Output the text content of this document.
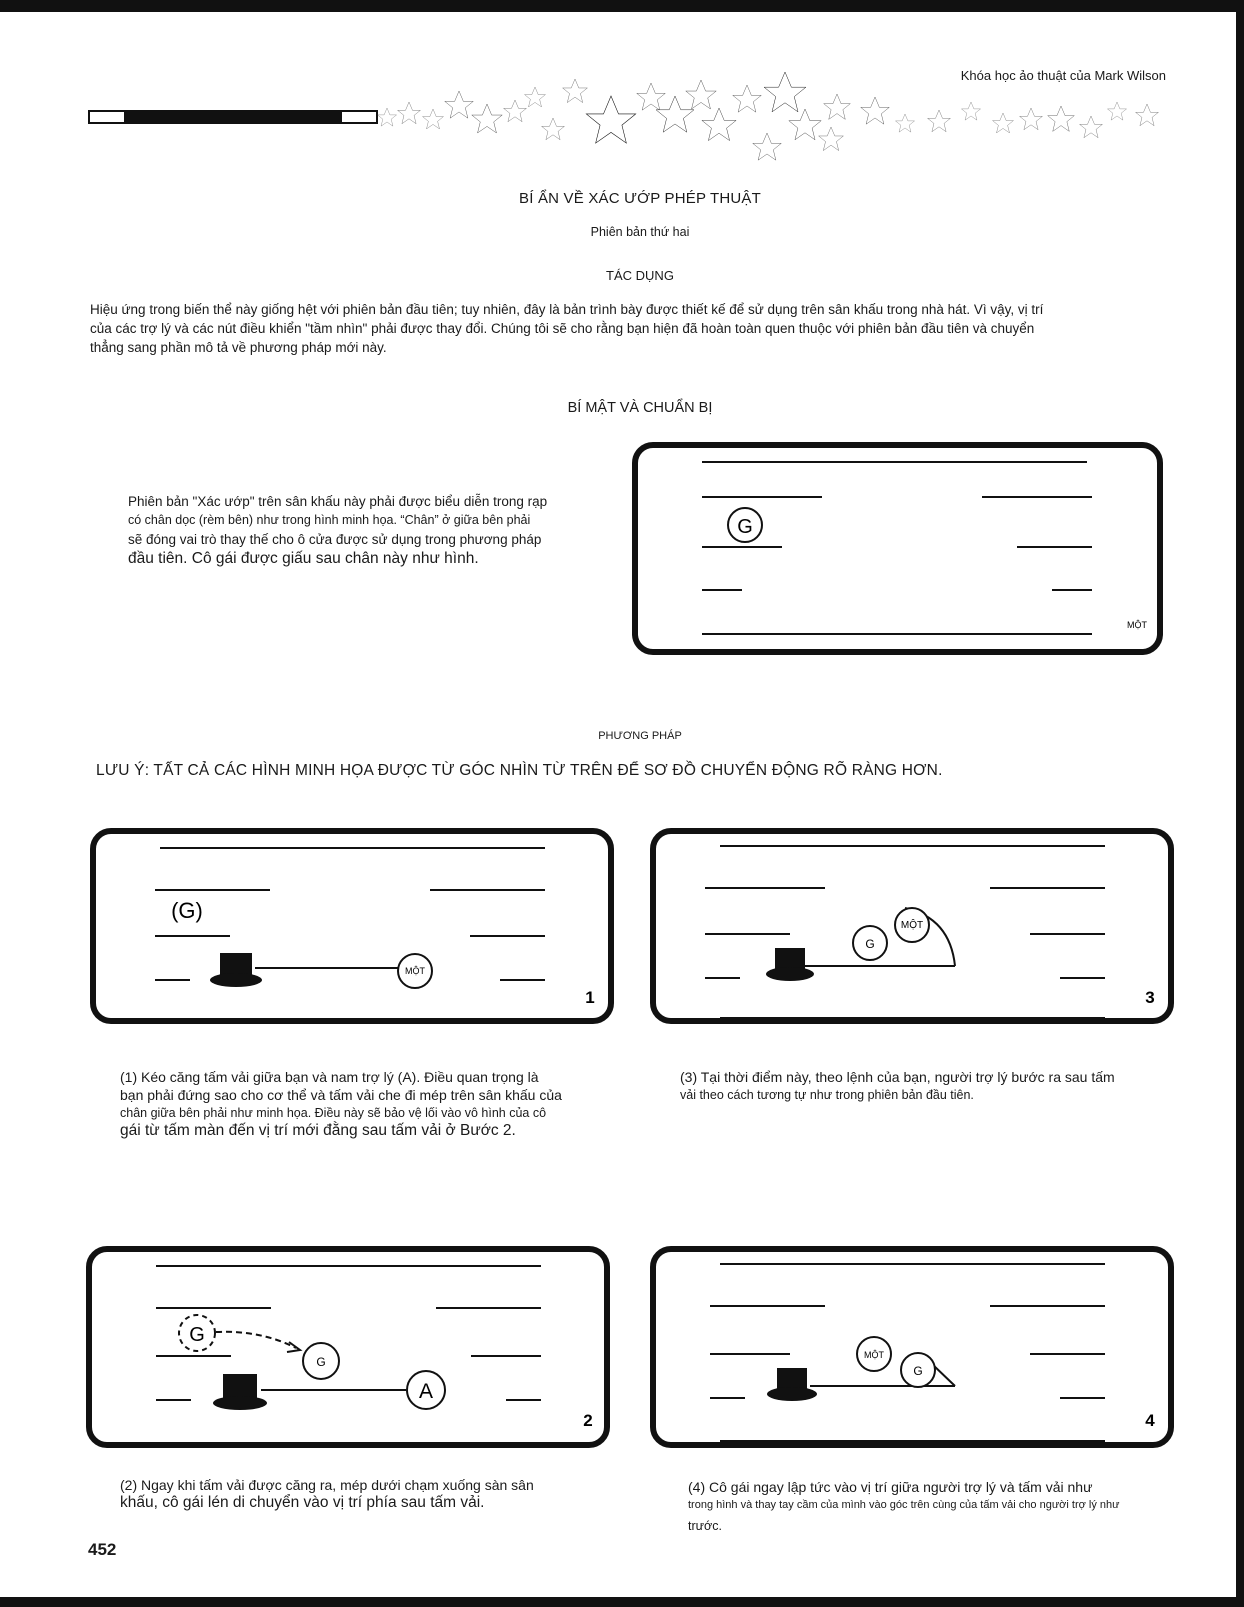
Khóa học ảo thuật của Mark Wilson
BÍ ẨN VỀ XÁC ƯỚP PHÉP THUẬT
Phiên bản thứ hai
TÁC DỤNG
Hiệu ứng trong biến thể này giống hệt với phiên bản đầu tiên; tuy nhiên, đây là bản trình bày được thiết kế để sử dụng trên sân khấu trong nhà hát. Vì vậy, vị trí
của các trợ lý và các nút điều khiển "tầm nhìn" phải được thay đổi. Chúng tôi sẽ cho rằng bạn hiện đã hoàn toàn quen thuộc với phiên bản đầu tiên và chuyển
thẳng sang phần mô tả về phương pháp mới này.
BÍ MẬT VÀ CHUẨN BỊ
Phiên bản "Xác ướp" trên sân khấu này phải được biểu diễn trong rạp
có chân dọc (rèm bên) như trong hình minh họa. “Chân” ở giữa bên phải
sẽ đóng vai trò thay thế cho ô cửa được sử dụng trong phương pháp
đầu tiên. Cô gái được giấu sau chân này như hình.
G
MỘT
PHƯƠNG PHÁP
LƯU Ý: TẤT CẢ CÁC HÌNH MINH HỌA ĐƯỢC TỪ GÓC NHÌN TỪ TRÊN ĐỂ SƠ ĐỒ CHUYỂN ĐỘNG RÕ RÀNG HƠN.
(G)
MỘT
1
G
MỘT
3
(1) Kéo căng tấm vải giữa bạn và nam trợ lý (A). Điều quan trọng là
bạn phải đứng sao cho cơ thể và tấm vải che đi mép trên sân khấu của
chân giữa bên phải như minh họa. Điều này sẽ bảo vệ lối vào vô hình của cô
gái từ tấm màn đến vị trí mới đằng sau tấm vải ở Bước 2.
(3) Tại thời điểm này, theo lệnh của bạn, người trợ lý bước ra sau tấm
vải theo cách tương tự như trong phiên bản đầu tiên.
G
G
A
2
MỘT
G
4
(2) Ngay khi tấm vải được căng ra, mép dưới chạm xuống sàn sân
khấu, cô gái lén di chuyển vào vị trí phía sau tấm vải.
(4) Cô gái ngay lập tức vào vị trí giữa người trợ lý và tấm vải như
trong hình và thay tay cầm của mình vào góc trên cùng của tấm vải cho người trợ lý như
trước.
452
